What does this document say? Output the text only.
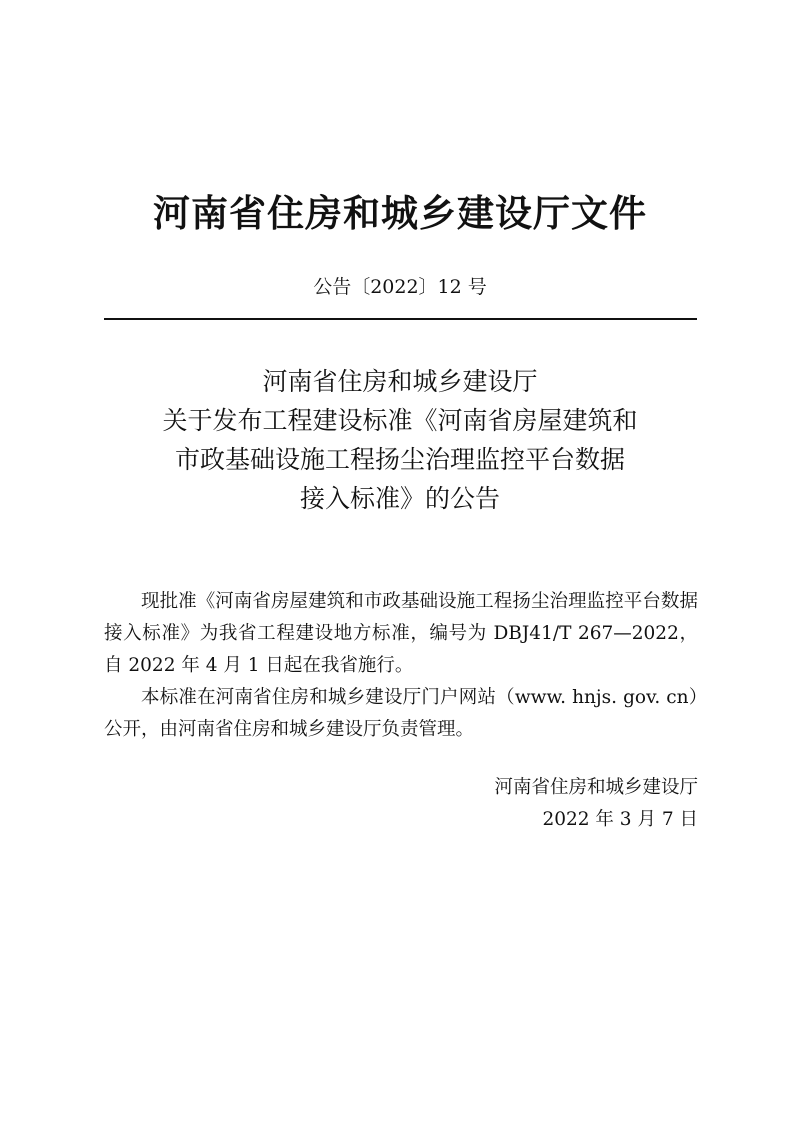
河南省住房和城乡建设厅文件
公告〔2022〕12 号
河南省住房和城乡建设厅
关于发布工程建设标准《河南省房屋建筑和
市政基础设施工程扬尘治理监控平台数据
接入标准》的公告

现批准《河南省房屋建筑和市政基础设施工程扬尘治理监控平台数据接入标准》为我省工程建设地方标准，编号为 DBJ41/T 267—2022，自 2022 年 4 月 1 日起在我省施行。

本标准在河南省住房和城乡建设厅门户网站（www. hnjs. gov. cn）公开，由河南省住房和城乡建设厅负责管理。

河南省住房和城乡建设厅
2022 年 3 月 7 日
